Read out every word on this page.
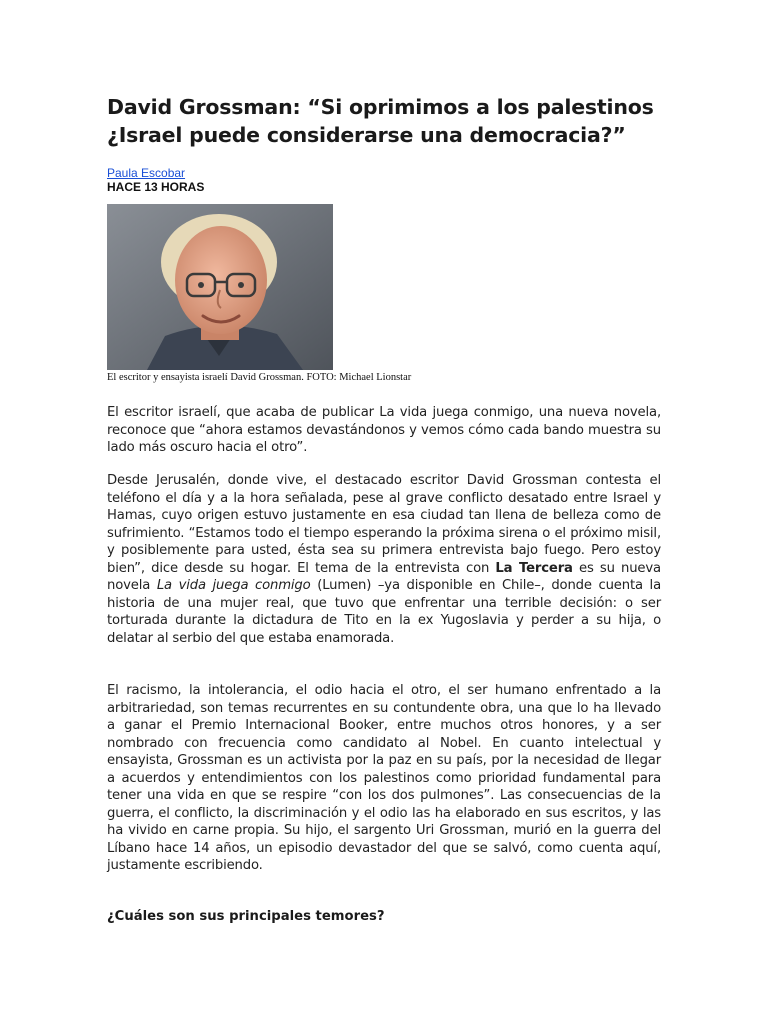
David Grossman: “Si oprimimos a los palestinos
¿Israel puede considerarse una democracia?”
Paula Escobar
HACE 13 HORAS
El escritor y ensayista israelí David Grossman. FOTO: Michael Lionstar

El escritor israelí, que acaba de publicar La vida juega conmigo, una nueva novela, reconoce que “ahora estamos devastándonos y vemos cómo cada bando muestra su lado más oscuro hacia el otro”.

Desde Jerusalén, donde vive, el destacado escritor David Grossman contesta el teléfono el día y a la hora señalada, pese al grave conflicto desatado entre Israel y Hamas, cuyo origen estuvo justamente en esa ciudad tan llena de belleza como de sufrimiento. “Estamos todo el tiempo esperando la próxima sirena o el próximo misil, y posiblemente para usted, ésta sea su primera entrevista bajo fuego. Pero estoy bien”, dice desde su hogar. El tema de la entrevista con La Tercera es su nueva novela La vida juega conmigo (Lumen) –ya disponible en Chile–, donde cuenta la historia de una mujer real, que tuvo que enfrentar una terrible decisión: o ser torturada durante la dictadura de Tito en la ex Yugoslavia y perder a su hija, o delatar al serbio del que estaba enamorada.

El racismo, la intolerancia, el odio hacia el otro, el ser humano enfrentado a la arbitrariedad, son temas recurrentes en su contundente obra, una que lo ha llevado a ganar el Premio Internacional Booker, entre muchos otros honores, y a ser nombrado con frecuencia como candidato al Nobel. En cuanto intelectual y ensayista, Grossman es un activista por la paz en su país, por la necesidad de llegar a acuerdos y entendimientos con los palestinos como prioridad fundamental para tener una vida en que se respire “con los dos pulmones”. Las consecuencias de la guerra, el conflicto, la discriminación y el odio las ha elaborado en sus escritos, y las ha vivido en carne propia. Su hijo, el sargento Uri Grossman, murió en la guerra del Líbano hace 14 años, un episodio devastador del que se salvó, como cuenta aquí, justamente escribiendo.

¿Cuáles son sus principales temores?
